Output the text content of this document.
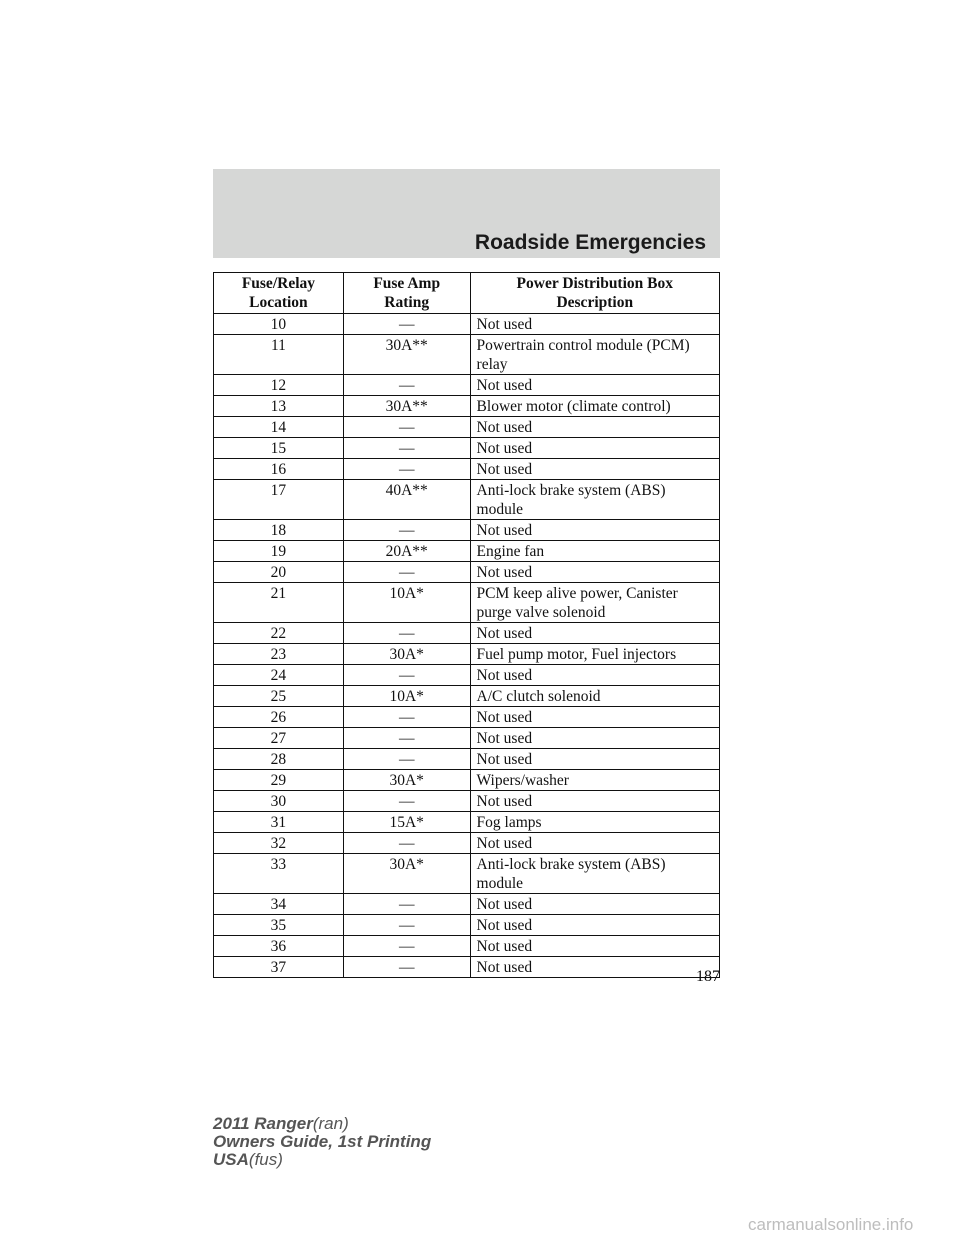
Roadside Emergencies
Fuse/Relay Location	Fuse Amp Rating	Power Distribution Box Description
10	—	Not used
11	30A**	Powertrain control module (PCM) relay
12	—	Not used
13	30A**	Blower motor (climate control)
14	—	Not used
15	—	Not used
16	—	Not used
17	40A**	Anti-lock brake system (ABS) module
18	—	Not used
19	20A**	Engine fan
20	—	Not used
21	10A*	PCM keep alive power, Canister purge valve solenoid
22	—	Not used
23	30A*	Fuel pump motor, Fuel injectors
24	—	Not used
25	10A*	A/C clutch solenoid
26	—	Not used
27	—	Not used
28	—	Not used
29	30A*	Wipers/washer
30	—	Not used
31	15A*	Fog lamps
32	—	Not used
33	30A*	Anti-lock brake system (ABS) module
34	—	Not used
35	—	Not used
36	—	Not used
37	—	Not used
187
2011 Ranger(ran)
Owners Guide, 1st Printing
USA(fus)
carmanualsonline.info
